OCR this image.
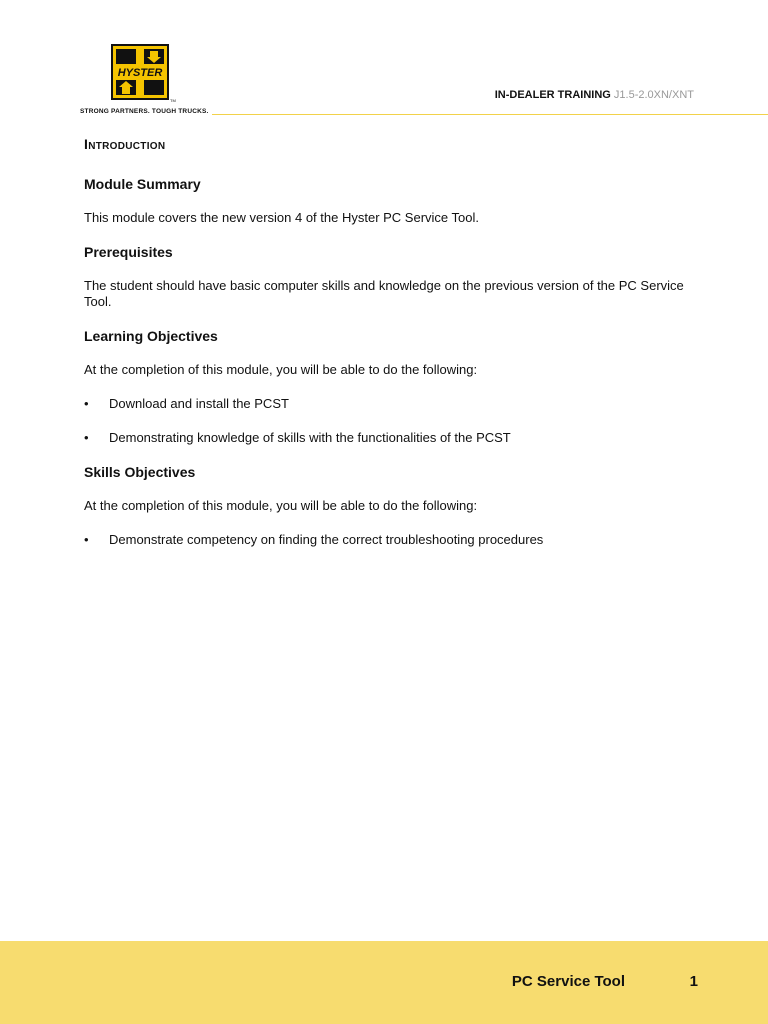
HYSTER
TM
STRONG PARTNERS. TOUGH TRUCKS.
IN-DEALER TRAINING J1.5-2.0XN/XNT
Introduction
Module Summary

This module covers the new version 4 of the Hyster PC Service Tool.

Prerequisites

The student should have basic computer skills and knowledge on the previous version of the PC Service Tool.

Learning Objectives

At the completion of this module, you will be able to do the following:

• Download and install the PCST
• Demonstrating knowledge of skills with the functionalities of the PCST
Skills Objectives

At the completion of this module, you will be able to do the following:

• Demonstrate competency on finding the correct troubleshooting procedures
PC Service Tool	1
